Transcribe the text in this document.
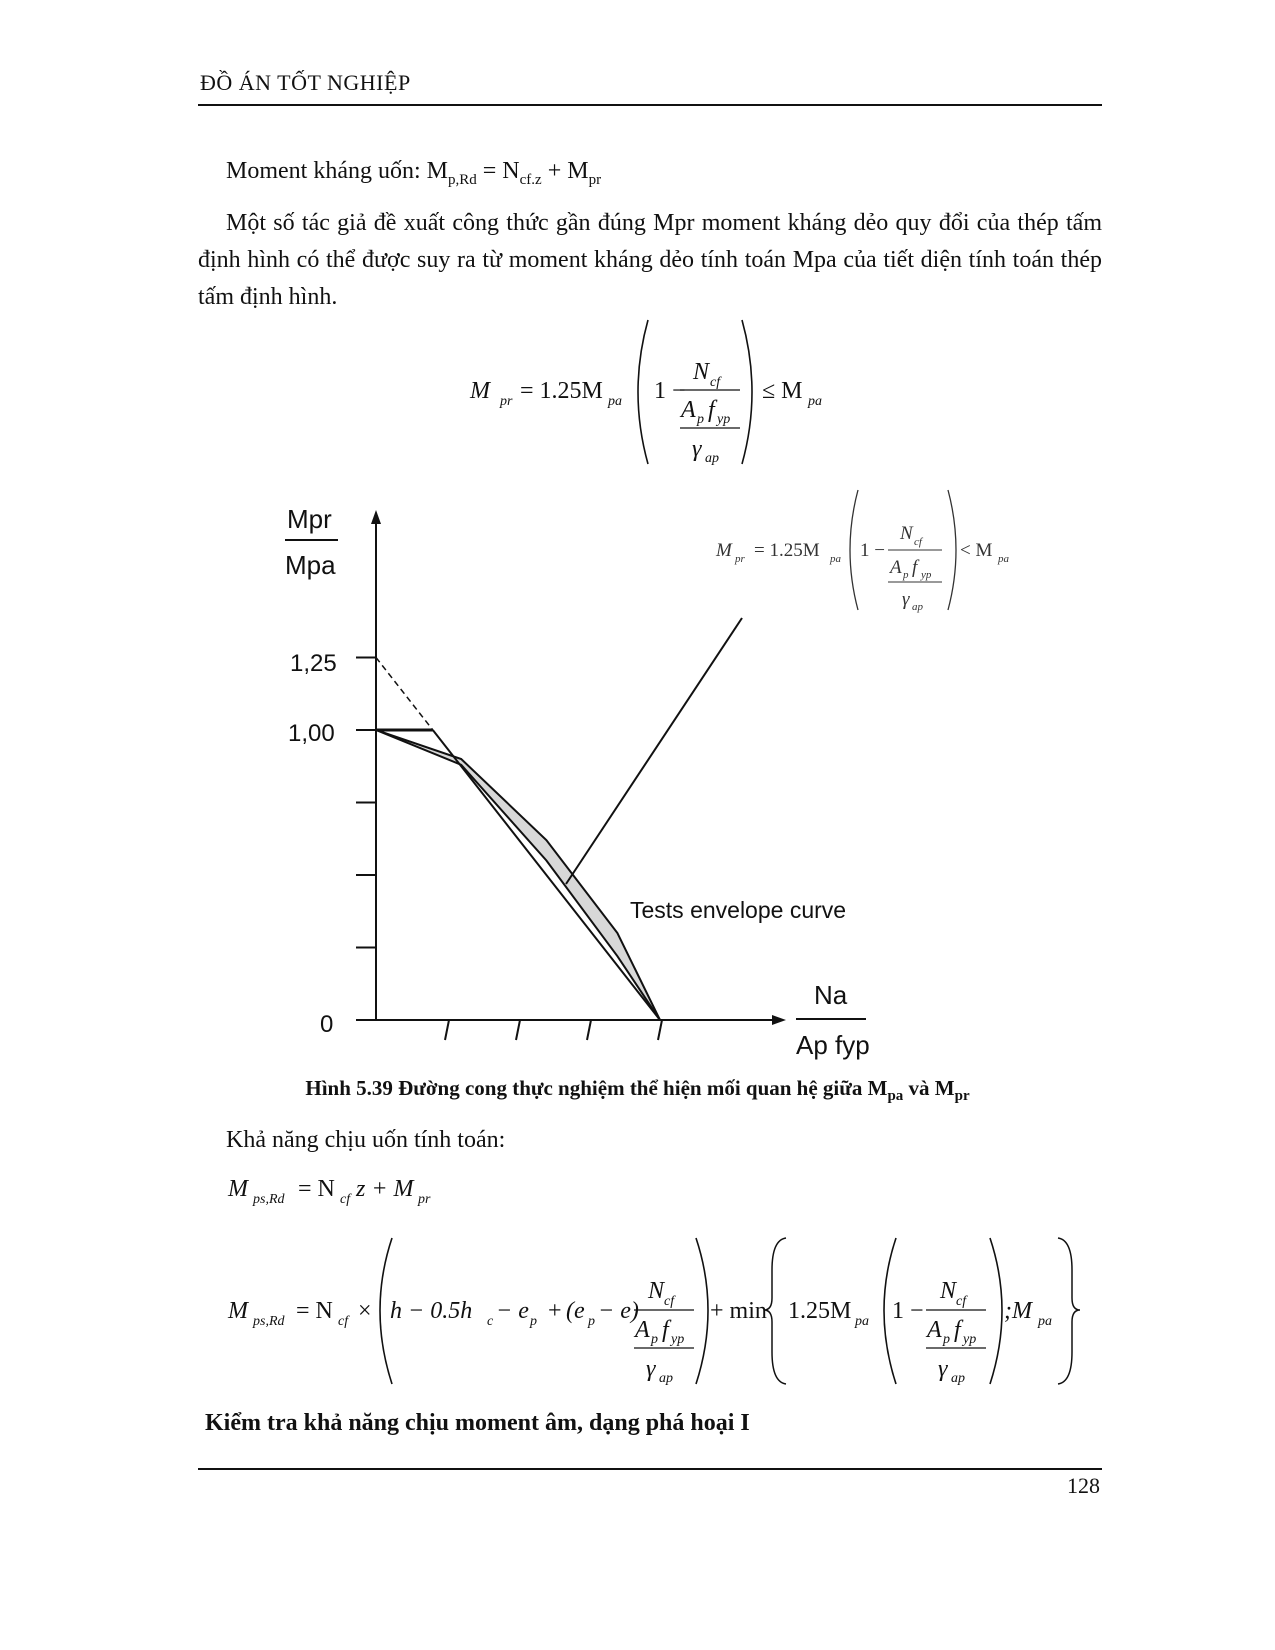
ĐỒ ÁN TỐT NGHIỆP
Moment kháng uốn: $M_{p,Rd} = N_{cf.z} + M_{pr}$
Một số tác giả đề xuất công thức gần đúng Mpr moment kháng dẻo quy đổi của thép tấm định hình có thể được suy ra từ moment kháng dẻo tính toán Mpa của tiết diện tính toán thép tấm định hình.
M pr = 1.25M pa 1 −
N cf
A p f yp
γ ap
≤ M pa
Mpr
Mpa
1,25
1,00
0
Na
Ap fyp
Tests envelope curve
M pr = 1.25M pa 1 −
N cf
A p f yp
γ ap
< M pa
M ps,Rd = N cf z + M pr
M ps,Rd = N cf × h − 0.5h c − e p + (e p − e)
N cf
A p f yp
γ ap
+ min 1.25M pa 1 −
N cf
A p f yp
γ ap
;M pa
Hình 5.39 Đường cong thực nghiệm thể hiện mối quan hệ giữa $M_{pa}$ và $M_{pr}$
Khả năng chịu uốn tính toán:
Kiểm tra khả năng chịu moment âm, dạng phá hoại I
128
